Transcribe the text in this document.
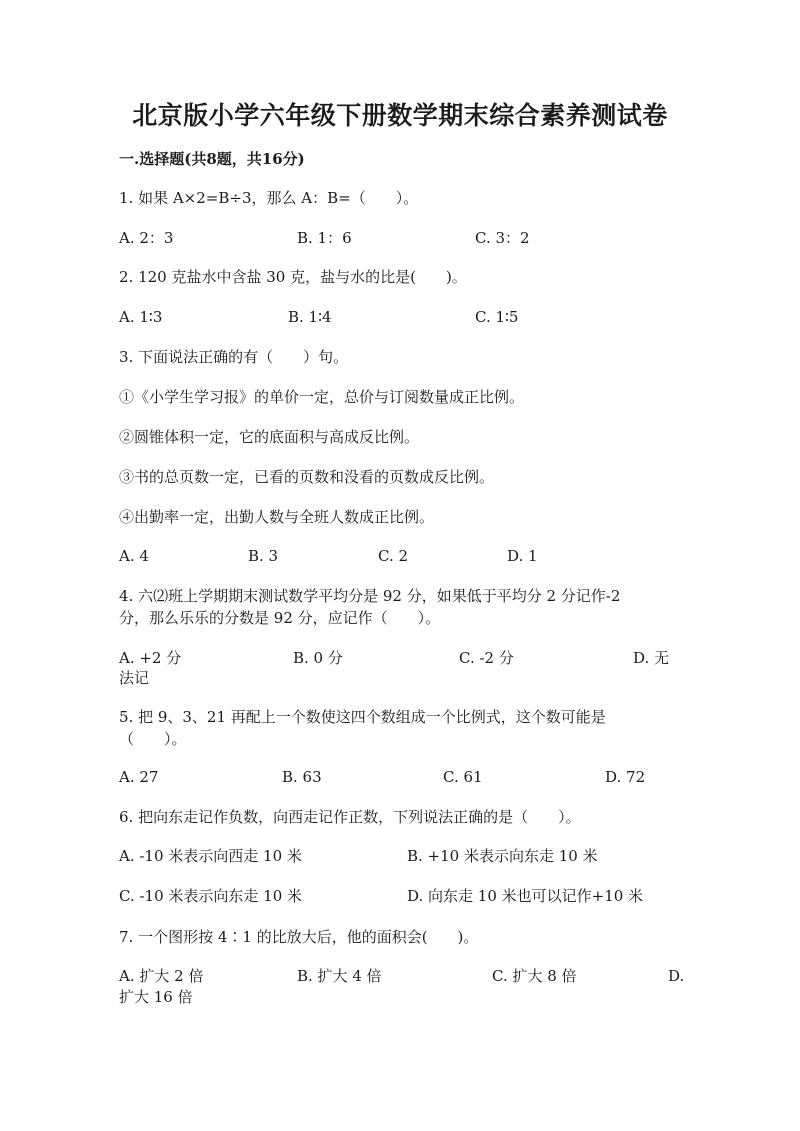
北京版小学六年级下册数学期末综合素养测试卷
一.选择题(共8题，共16分)
1. 如果 A×2=B÷3，那么 A：B=（　　）。
A. 2：3	B. 1：6	C. 3：2
2. 120 克盐水中含盐 30 克，盐与水的比是(　　)。
A. 1∶3	B. 1∶4	C. 1∶5
3. 下面说法正确的有（　　）句。
①《小学生学习报》的单价一定，总价与订阅数量成正比例。
②圆锥体积一定，它的底面积与高成反比例。
③书的总页数一定，已看的页数和没看的页数成反比例。
④出勤率一定，出勤人数与全班人数成正比例。
A. 4	B. 3	C. 2	D. 1
4. 六⑵班上学期期末测试数学平均分是 92 分，如果低于平均分 2 分记作-2
分，那么乐乐的分数是 92 分，应记作（　　）。
A. +2 分	B. 0 分	C. -2 分	D. 无
法记
5. 把 9、3、21 再配上一个数使这四个数组成一个比例式，这个数可能是
（　　）。
A. 27	B. 63	C. 61	D. 72
6. 把向东走记作负数，向西走记作正数，下列说法正确的是（　　）。
A. -10 米表示向西走 10 米	B. +10 米表示向东走 10 米
C. -10 米表示向东走 10 米	D. 向东走 10 米也可以记作+10 米
7. 一个图形按 4∶1 的比放大后，他的面积会(　　)。
A. 扩大 2 倍	B. 扩大 4 倍	C. 扩大 8 倍	D.
扩大 16 倍
